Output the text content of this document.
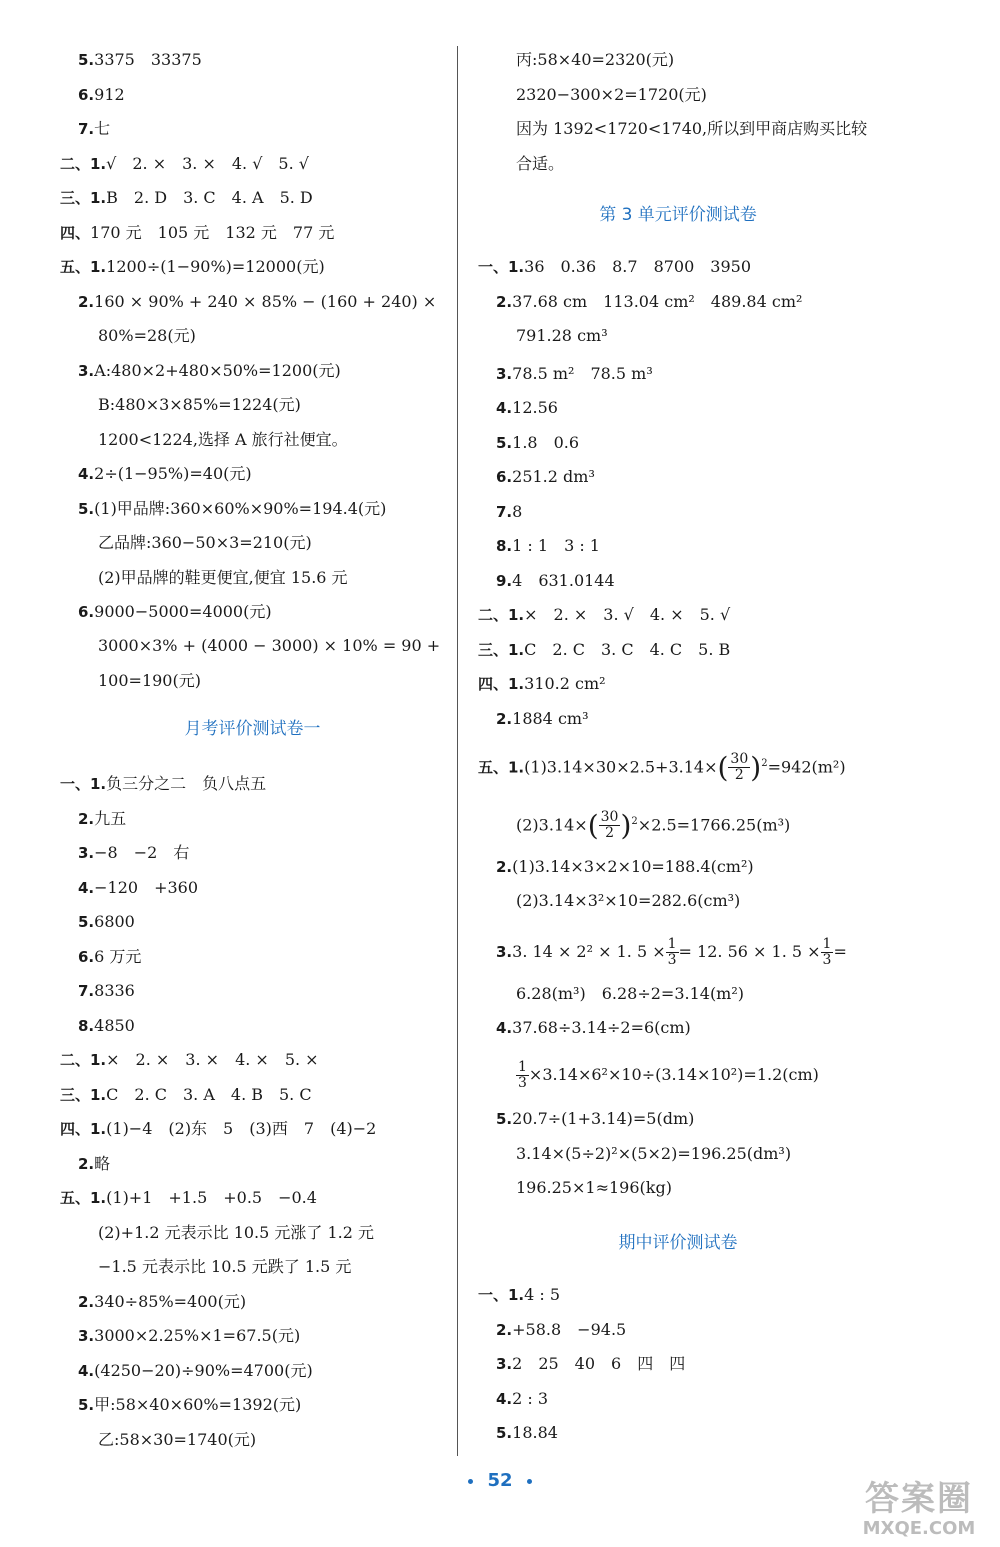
5.3375　33375
6.912
7.七
二、1.√　2. ×　3. ×　4. √　5. √
三、1.B　2. D　3. C　4. A　5. D
四、170 元　105 元　132 元　77 元
五、1.1200÷(1−90%)=12000(元)
2.160 × 90% + 240 × 85% − (160 + 240) ×
80%=28(元)
3.A:480×2+480×50%=1200(元)
B:480×3×85%=1224(元)
1200<1224,选择 A 旅行社便宜。
4.2÷(1−95%)=40(元)
5.(1)甲品牌:360×60%×90%=194.4(元)
乙品牌:360−50×3=210(元)
(2)甲品牌的鞋更便宜,便宜 15.6 元
6.9000−5000=4000(元)
3000×3% + (4000 − 3000) × 10% = 90 +
100=190(元)
一、1.负三分之二　负八点五
2.九五
3.−8　−2　右
4.−120　+360
5.6800
6.6 万元
7.8336
8.4850
二、1.×　2. ×　3. ×　4. ×　5. ×
三、1.C　2. C　3. A　4. B　5. C
四、1.(1)−4　(2)东　5　(3)西　7　(4)−2
2.略
五、1.(1)+1　+1.5　+0.5　−0.4
(2)+1.2 元表示比 10.5 元涨了 1.2 元
−1.5 元表示比 10.5 元跌了 1.5 元
2.340÷85%=400(元)
3.3000×2.25%×1=67.5(元)
4.(4250−20)÷90%=4700(元)
5.甲:58×40×60%=1392(元)
乙:58×30=1740(元)
月考评价测试卷一
五、$1.(1)3.14\times 30\times 2.5+3.14\times( \frac{30}{2} )^2=942(m^2)$
$(2)3.14\times( \frac{30}{2} )^2\times 2.5=1766.25(m^3)$
3.3. 14 × 2² × 1. $5 \times \frac{1}{3} = 12$. 56 × 1. $5 \times \frac{1}{3}$ =
$\frac{1}{3} \times 3.14\times 6^2\times 10\div(3.14\times 10^2)=1.2(cm)$
丙:58×40=2320(元)
2320−300×2=1720(元)
因为 1392<1720<1740,所以到甲商店购买比较
合适。
一、1.36　0.36　8.7　8700　3950
2.37.68 cm　113.04 cm²　489.84 cm²
791.28 cm³
3.78.5 m²　78.5 m³
4.12.56
5.1.8　0.6
6.251.2 dm³
7.8
8.1 : 1　3 : 1
9.4　631.0144
二、1.×　2. ×　3. √　4. ×　5. √
三、1.C　2. C　3. C　4. C　5. B
四、1.310.2 cm²
2.1884 cm³
2.(1)3.14×3×2×10=188.4(cm²)
(2)3.14×3²×10=282.6(cm³)
6.28(m³)　6.28÷2=3.14(m²)
4.37.68÷3.14÷2=6(cm)
5.20.7÷(1+3.14)=5(dm)
3.14×(5÷2)²×(5×2)=196.25(dm³)
196.25×1≈196(kg)
一、1.4 : 5
2.+58.8　−94.5
3.2　25　40　6　四　四
4.2 : 3
5.18.84
第 3 单元评价测试卷
期中评价测试卷
52	答案圈
MXQE.COM
